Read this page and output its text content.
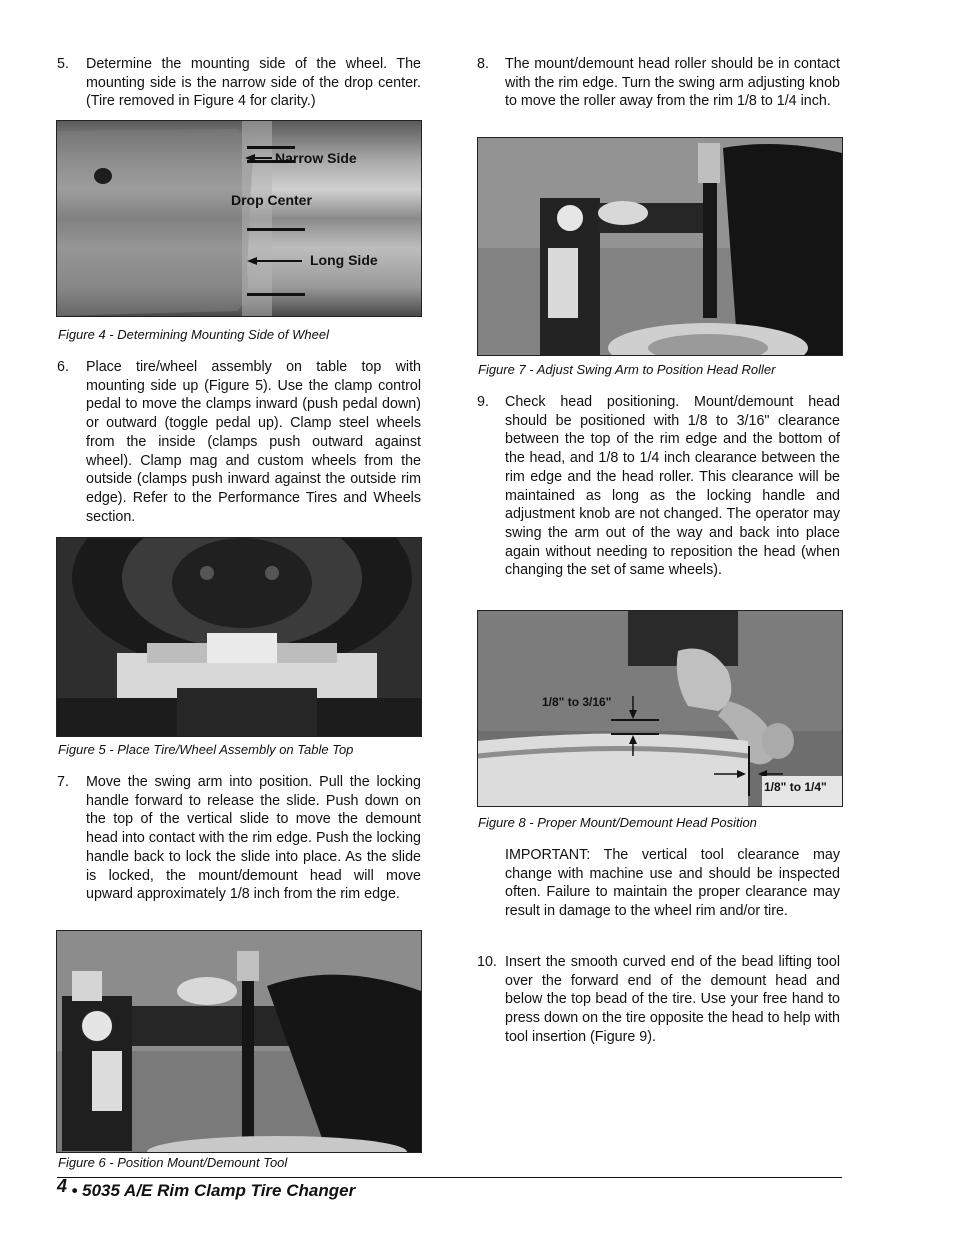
5. Determine the mounting side of the wheel. The mounting side is the narrow side of the drop center. (Tire removed in Figure 4 for clarity.)
Narrow Side
Drop Center
Long Side
Figure 4 - Determining Mounting Side of Wheel
6. Place tire/wheel assembly on table top with mounting side up (Figure 5). Use the clamp control pedal to move the clamps inward (push pedal down) or outward (toggle pedal up). Clamp steel wheels from the inside (clamps push outward against wheel). Clamp mag and custom wheels from the outside (clamps push inward against the outside rim edge). Refer to the Performance Tires and Wheels section.
Figure 5 - Place Tire/Wheel Assembly on Table Top
7. Move the swing arm into position. Pull the locking handle forward to release the slide. Push down on the top of the vertical slide to move the demount head into contact with the rim edge. Push the locking handle back to lock the slide into place. As the slide is locked, the mount/demount head will move upward approximately 1/8 inch from the rim edge.
Figure 6 - Position Mount/Demount Tool
8. The mount/demount head roller should be in contact with the rim edge. Turn the swing arm adjusting knob to move the roller away from the rim 1/8 to 1/4 inch.
Figure 7 - Adjust Swing Arm to Position Head Roller
9. Check head positioning. Mount/demount head should be positioned with 1/8 to 3/16" clearance between the top of the rim edge and the bottom of the head, and 1/8 to 1/4 inch clearance between the rim edge and the head roller. This clearance will be maintained as long as the locking handle and adjustment knob are not changed. The operator may swing the arm out of the way and back into place again without needing to reposition the head (when changing the set of same wheels).
1/8" to 3/16"
1/8" to 1/4"
Figure 8 - Proper Mount/Demount Head Position
IMPORTANT: The vertical tool clearance may change with machine use and should be inspected often. Failure to maintain the proper clearance may result in damage to the wheel rim and/or tire.
10. Insert the smooth curved end of the bead lifting tool over the forward end of the demount head and below the top bead of the tire. Use your free hand to press down on the tire opposite the head to help with tool insertion (Figure 9).
4 • 5035 A/E Rim Clamp Tire Changer
